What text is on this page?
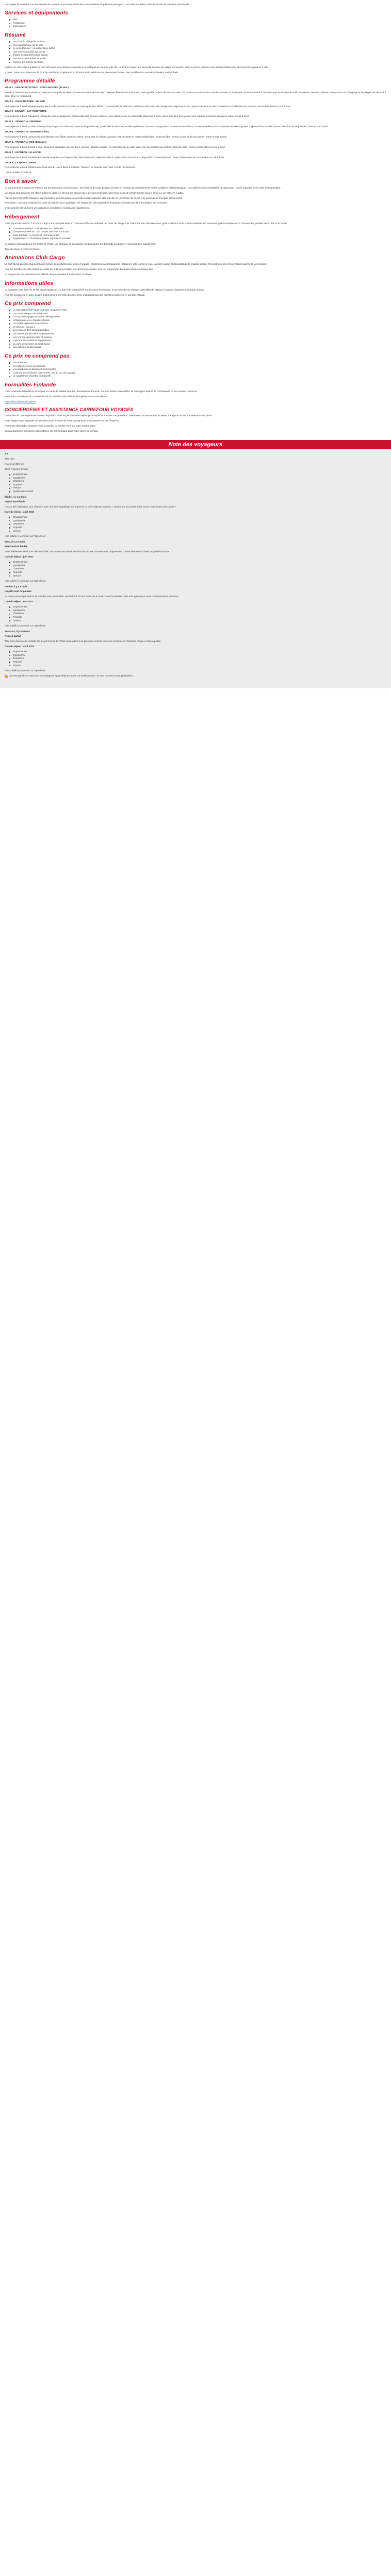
Les cargos de croisière sont des navires de commerce qui transportent des marchandises et quelques passagers. Une vraie immersion dans le monde de la marine marchande.

Services et équipements
Wifi
Restaurant
Conciergerie
Résumé
Au cœur du village de Sauzon
Vue panoramique sur le port
Le petit-déjeuner : un authentique buffet
Une vue imprenable sur la mer
Toutes les chambres avec balcon
Des excursions à pied et à vélo
L'accès à la piscine de l'hôtel

Profitez de votre séjour à Belle-Île pour découvrir les richesses naturelles et les villages de caractère de l'île. Le Grand Cargo vous accueille au cœur du village de Sauzon, entre le port et la lande. Une adresse idéale pour découvrir l'île à pied ou à vélo.

A noter : Nous nous réservons le droit de modifier le programme en fonction de la météo et des contraintes locales. Des modifications peuvent intervenir sans préavis.

Programme détaillé

JOUR 1 : AEROPORT D'ORLY - SAINT-NAZAIRE (4h env.)

Arrivée à l'aéroport en matinée. Accueil par votre guide et départ en autocar vers Saint-Nazaire. Déjeuner libre en cours de route. Visite guidée du port de Saint-Nazaire : sa base sous-marine, ses chantiers navals et l'écomusée. Embarquement à bord du cargo en fin d'après-midi. Installation dans les cabines. Présentation de l'équipage et des règles de sécurité à bord. Dîner et nuit à bord.

JOUR 2 : SAINT-NAZAIRE - EN MER

Petit-déjeuner à bord. Matinée consacrée à la découverte du navire en compagnie d'un officier : la passerelle, la salle des machines et les ponts de chargement. Déjeuner à bord. Après-midi libre en mer. Conférence sur l'histoire de la marine marchande. Dîner et nuit à bord.

JOUR 3 : EN MER - CAP FINISTERRE

Petit-déjeuner à bord. Navigation le long des côtes espagnoles. Observation des oiseaux marins et des cétacés avec un naturaliste. Déjeuner à bord. Après-midi libre pour profiter des espaces communs du navire. Dîner et nuit à bord.

JOUR 4 : TRANSIT À LISBONNE

Petit-déjeuner à bord. Escale technique dans le port de Lisbonne. Selon le temps d'escale, possibilité de découvrir la ville à pied avec votre accompagnateur : le quartier de l'Alfama, la tour de Belém et le monastère des Hiéronymites. Déjeuner libre en ville. Retour à bord en fin de journée. Dîner et nuit à bord.

JOUR 5 : TRANSIT À LISBONNE (4 km)

Petit-déjeuner à bord. Journée libre à Lisbonne pour flâner dans les ruelles, emprunter le célèbre tramway n°28 ou visiter le musée Gulbenkian. Déjeuner libre. Retour à bord en fin de journée. Dîner et nuit à bord.

JOUR 6 : TRANSIT À VIGO (Espagne)

Petit-déjeuner à bord. Escale à Vigo. Excursion facultative aux îles Cíes, réserve naturelle classée, ou visite libre de la vieille ville et de son marché aux huîtres. Déjeuner libre. Retour à bord. Dîner et nuit à bord.

JOUR 7 : OUTREAU / LE HAVRE

Petit-déjeuner à bord. Dernière journée de navigation en longeant les côtes bretonnes. Déjeuner à bord. Après-midi consacré aux préparatifs du débarquement. Dîner d'adieu avec le commandant et nuit à bord.

JOUR 8 : LE HAVRE - PARIS

Petit-déjeuner à bord. Débarquement au port du Havre dans la matinée. Transfert en autocar vers Paris. Fin de nos services.

** Prix du billet à partir de

Bon à savoir

La vie à bord d'un cargo est rythmée par les opérations commerciales : les horaires d'escale peuvent évoluer en fonction des chargements et des conditions météorologiques. Les cabines sont confortables et spacieuses, toutes équipées d'une salle d'eau privative.

Les repas sont pris avec les officiers dans le carré. Le service est assuré par le personnel de bord. Une tenue correcte est demandée pour le dîner. Le vin est servi à table.

Prévoir des vêtements chauds et imperméables, des chaussures à semelles antidérapantes, des jumelles et une lampe de poche. Les animaux ne sont pas admis à bord.

Formalités : une carte d'identité en cours de validité ou un passeport est obligatoire. Une attestation d'aptitude médicale peut être demandée par l'armateur.

Il est conseillé de souscrire une assurance annulation et assistance rapatriement.

Hébergement

Hôtel et port de Sauzon : Le Grand Cargo vous accueille dans un charmant hôtel de caractère, au cœur du village. Les chambres sont décorées avec goût et offrent tout le confort moderne. Un restaurant gastronomique met à l'honneur les produits de la mer et du terroir.

Chambre standard : 2 lits simples ou 1 lit double
Chambre supérieure : 1 lit double avec vue sur le port
Suite familiale : 2 chambres communicantes
Appartement : 2 chambres, cuisine équipée et terrasse

Le parking est gratuit pour les clients de l'hôtel. Les animaux de compagnie sont acceptés sur demande préalable et moyennant un supplément.

Taxe de séjour à régler sur place.

Animations Club Cargo

Le club Cargo propose tout au long de l'année des activités pour petits et grands : randonnées accompagnées, balades à vélo, sorties en mer, ateliers cuisine et dégustations de produits locaux. Renseignements et réservations auprès de la réception.

Pour les familles, un club enfants accueille les 4-12 ans pendant les vacances scolaires, avec un programme d'activités adapté à chaque âge.

Le programme des animations est affiché chaque semaine à la réception de l'hôtel.

Informations utiles

La traversée vers Belle-Île se fait depuis Quiberon. La durée de la traversée est d'environ 45 minutes. Il est conseillé de réserver votre billet de bateau à l'avance, notamment en haute saison.

Pour les voyageurs en train, la gare la plus proche est celle d'Auray, reliée à Quiberon par des navettes régulières en période estivale.

Ce prix comprend
Le transport aérien Paris-Lisbonne / Lisbonne-Paris
Les taxes aéroport et de sécurité
Le transfert bagages entre les hébergements
L'hébergement en chambre double
Les petits-déjeuners et les dîners
Le déjeuner du jour 1
Les services d'un accompagnateur
Les visites mentionnées au programme
Les entrées dans les sites et musées
L'assurance assistance rapatriement
La carte de membre du Club Cargo
Les cadeaux de bienvenue
Ce prix ne comprend pas
Les boissons
Les déjeuners non mentionnés
Les pourboires et dépenses personnelles
L'assurance annulation (optionnelle, 3% du prix du voyage)
Le supplément chambre individuelle
Formalités Finlande

Carte nationale d'identité ou passeport en cours de validité pour les ressortissants français. Pour les autres nationalités, se renseigner auprès de l'ambassade ou du consulat concerné.

Nous vous conseillons de consulter le site du ministère des Affaires étrangères avant votre départ.

https://www.diplomatie.gouv.fr

CONCIERGERIE ET ASSISTANCE CARREFOUR VOYAGES

Un service de conciergerie est à votre disposition avant et pendant votre séjour pour répondre à toutes vos questions : réservation de restaurants, activités, transports ou recommandations sur place.

Notre équipe reste joignable 7j/7 pendant toute la durée de votre voyage pour vous assister en cas d'imprévu.

Pour toute demande, contactez votre conseiller ou rendez-vous sur votre espace client.

En cas d'urgence, un numéro d'assistance est communiqué dans votre carnet de voyage.

Note des voyageurs

4.5

Très bien

Notes sur 395 Avis

2020 Travelers Choice

Emplacement
Qualité/Prix
Chambres
Propreté
Service
Qualité du sommeil

Élodie, il y a 3 mois

Séjour inoubliable

Un accueil chaleureux, une chambre avec une vue magnifique sur le port et un petit-déjeuner copieux. L'équipe est aux petits soins. Nous reviendrons avec plaisir !

Date du séjour : août 2023

Emplacement
Qualité/Prix
Chambres
Propreté
Service

Avis publié il y a 3 mois sur TripAdvisor

Marc, il y a 5 mois

Week-end en famille

Hôtel idéalement situé pour découvrir l'île. Les enfants ont adoré le club et la piscine. Le restaurant propose une cuisine délicieuse à base de produits locaux.

Date du séjour : juin 2023

Emplacement
Qualité/Prix
Chambres
Propreté
Service

Avis publié il y a 5 mois sur TripAdvisor

Sophie, il y a 6 mois

Un petit coin de paradis

Le cadre est exceptionnel et la chambre très confortable. Seul bémol, le bruit de la rue le matin. Mais l'ensemble reste très agréable et nous recommandons vivement.

Date du séjour : mai 2023

Emplacement
Qualité/Prix
Chambres
Propreté
Service

Avis publié il y a 6 mois sur TripAdvisor

Jean-Luc, il y a 8 mois

Accueil parfait

Très belle découverte de Belle-Île. Le personnel de l'hôtel nous a donné de précieux conseils pour nos randonnées. Chambre propre et bien équipée.

Date du séjour : avril 2023

Emplacement
Qualité/Prix
Chambres
Propreté
Service

Avis publié il y a 8 mois sur TripAdvisor

! Les avis publiés ici sont ceux de voyageurs ayant séjourné dans cet établissement. Ils sont modérés avant publication.
